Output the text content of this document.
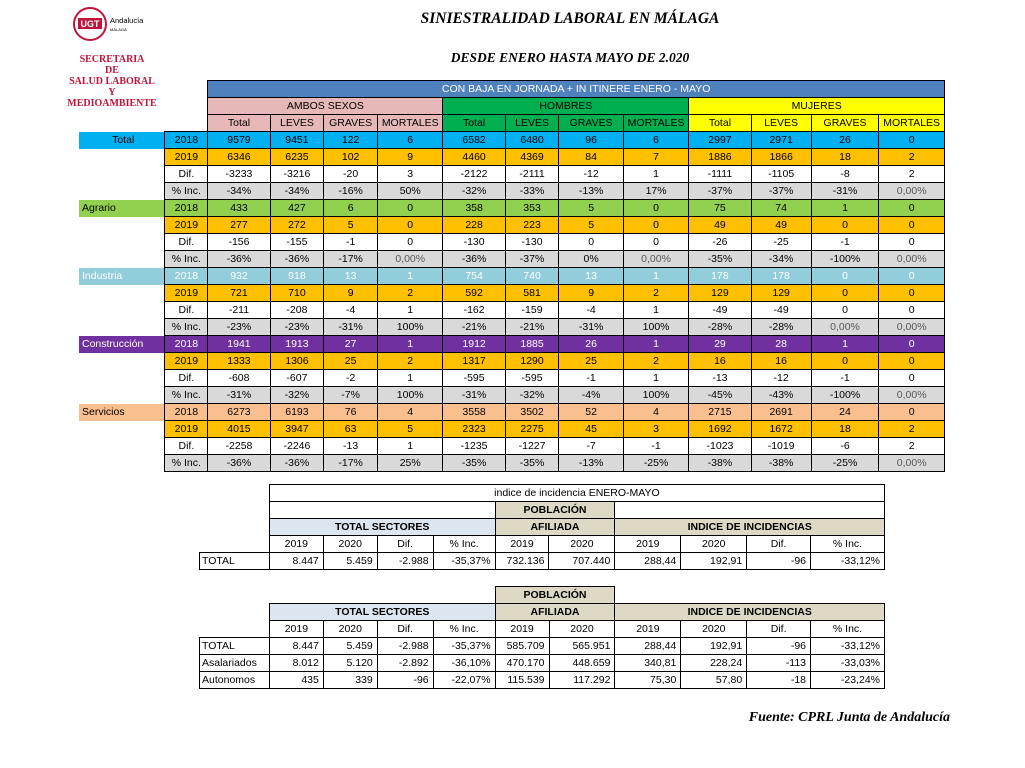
UGT Andalucía
MÁLAGA
SECRETARIA
DE
SALUD LABORAL
Y
MEDIOAMBIENTE
SINIESTRALIDAD LABORAL EN MÁLAGA
DESDE ENERO HASTA MAYO DE 2.020
		CON BAJA EN JORNADA + IN ITINERE ENERO - MAYO											
		AMBOS SEXOS				HOMBRES				MUJERES			
		Total	LEVES	GRAVES	MORTALES	Total	LEVES	GRAVES	MORTALES	Total	LEVES	GRAVES	MORTALES
Total	2018	9579	9451	122	6	6582	6480	96	6	2997	2971	26	0
	2019	6346	6235	102	9	4460	4369	84	7	1886	1866	18	2
	Dif.	-3233	-3216	-20	3	-2122	-2111	-12	1	-1111	-1105	-8	2
	% Inc.	-34%	-34%	-16%	50%	-32%	-33%	-13%	17%	-37%	-37%	-31%	0,00%
Agrario	2018	433	427	6	0	358	353	5	0	75	74	1	0
	2019	277	272	5	0	228	223	5	0	49	49	0	0
	Dif.	-156	-155	-1	0	-130	-130	0	0	-26	-25	-1	0
	% Inc.	-36%	-36%	-17%	0,00%	-36%	-37%	0%	0,00%	-35%	-34%	-100%	0,00%
Industria	2018	932	918	13	1	754	740	13	1	178	178	0	0
	2019	721	710	9	2	592	581	9	2	129	129	0	0
	Dif.	-211	-208	-4	1	-162	-159	-4	1	-49	-49	0	0
	% Inc.	-23%	-23%	-31%	100%	-21%	-21%	-31%	100%	-28%	-28%	0,00%	0,00%
Construcción	2018	1941	1913	27	1	1912	1885	26	1	29	28	1	0
	2019	1333	1306	25	2	1317	1290	25	2	16	16	0	0
	Dif.	-608	-607	-2	1	-595	-595	-1	1	-13	-12	-1	0
	% Inc.	-31%	-32%	-7%	100%	-31%	-32%	-4%	100%	-45%	-43%	-100%	0,00%
Servicios	2018	6273	6193	76	4	3558	3502	52	4	2715	2691	24	0
	2019	4015	3947	63	5	2323	2275	45	3	1692	1672	18	2
	Dif.	-2258	-2246	-13	1	-1235	-1227	-7	-1	-1023	-1019	-6	2
	% Inc.	-36%	-36%	-17%	25%	-35%	-35%	-13%	-25%	-38%	-38%	-25%	0,00%
	indice de incidencia ENERO-MAYO									
					POBLACIÓN					
	TOTAL SECTORES				AFILIADA		INDICE DE INCIDENCIAS			
	2019	2020	Dif.	% Inc.	2019	2020	2019	2020	Dif.	% Inc.
TOTAL	8.447	5.459	-2.988	-35,37%	732.136	707.440	288,44	192,91	-96	-33,12%
					POBLACIÓN					
	TOTAL SECTORES				AFILIADA		INDICE DE INCIDENCIAS			
	2019	2020	Dif.	% Inc.	2019	2020	2019	2020	Dif.	% Inc.
TOTAL	8.447	5.459	-2.988	-35,37%	585.709	565.951	288,44	192,91	-96	-33,12%
Asalariados	8.012	5.120	-2.892	-36,10%	470.170	448.659	340,81	228,24	-113	-33,03%
Autonomos	435	339	-96	-22,07%	115.539	117.292	75,30	57,80	-18	-23,24%
Fuente: CPRL Junta de Andalucía
